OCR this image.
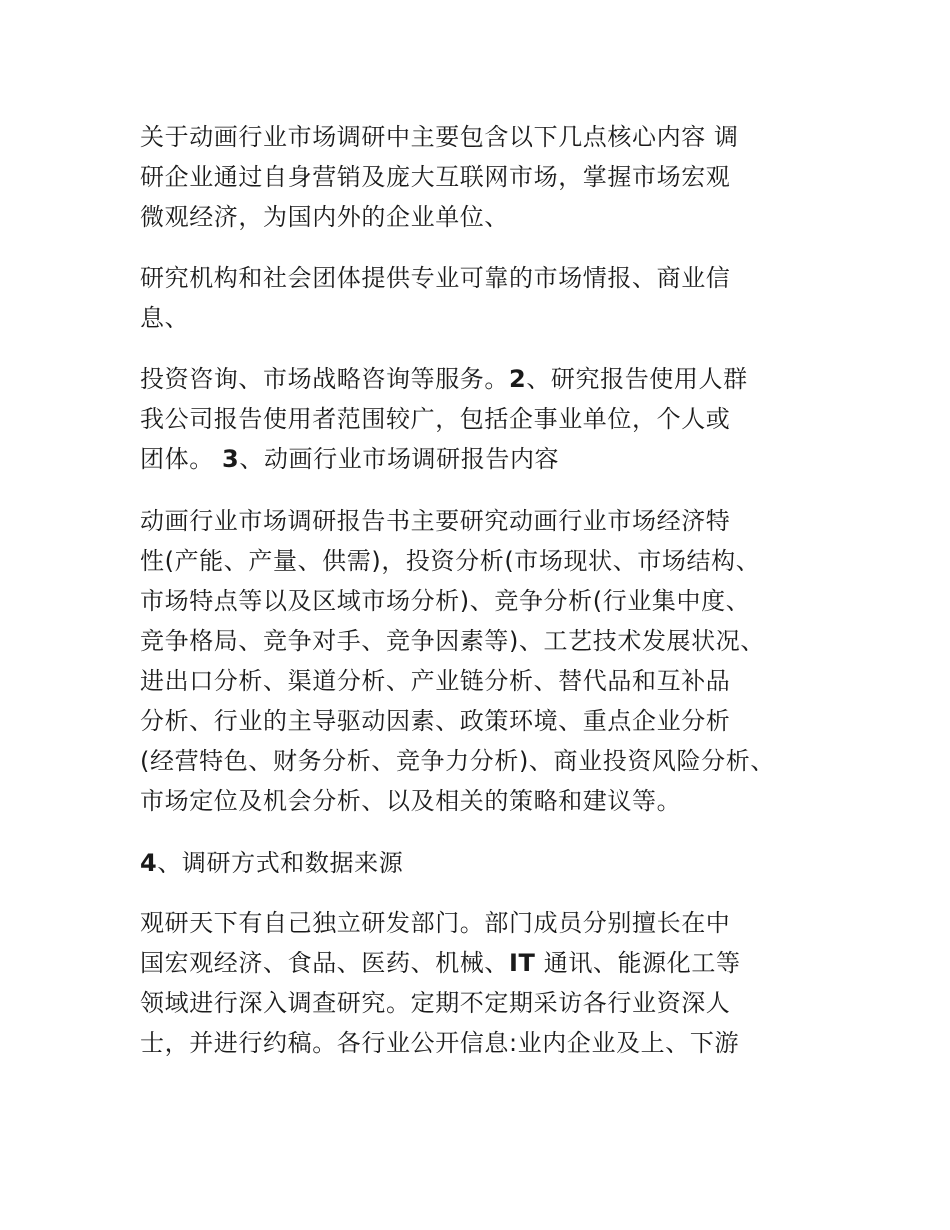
关于动画行业市场调研中主要包含以下几点核心内容 调
研企业通过自身营销及庞大互联网市场，掌握市场宏观
微观经济，为国内外的企业单位、
研究机构和社会团体提供专业可靠的市场情报、商业信
息、
投资咨询、市场战略咨询等服务。2、研究报告使用人群
我公司报告使用者范围较广，包括企事业单位，个人或
团体。 3、动画行业市场调研报告内容
动画行业市场调研报告书主要研究动画行业市场经济特
性(产能、产量、供需)，投资分析(市场现状、市场结构、
市场特点等以及区域市场分析)、竞争分析(行业集中度、
竞争格局、竞争对手、竞争因素等)、工艺技术发展状况、
进出口分析、渠道分析、产业链分析、替代品和互补品
分析、行业的主导驱动因素、政策环境、重点企业分析
(经营特色、财务分析、竞争力分析)、商业投资风险分析、
市场定位及机会分析、以及相关的策略和建议等。
4、调研方式和数据来源
观研天下有自己独立研发部门。部门成员分别擅长在中
国宏观经济、食品、医药、机械、IT 通讯、能源化工等
领域进行深入调查研究。定期不定期采访各行业资深人
士，并进行约稿。各行业公开信息:业内企业及上、下游
